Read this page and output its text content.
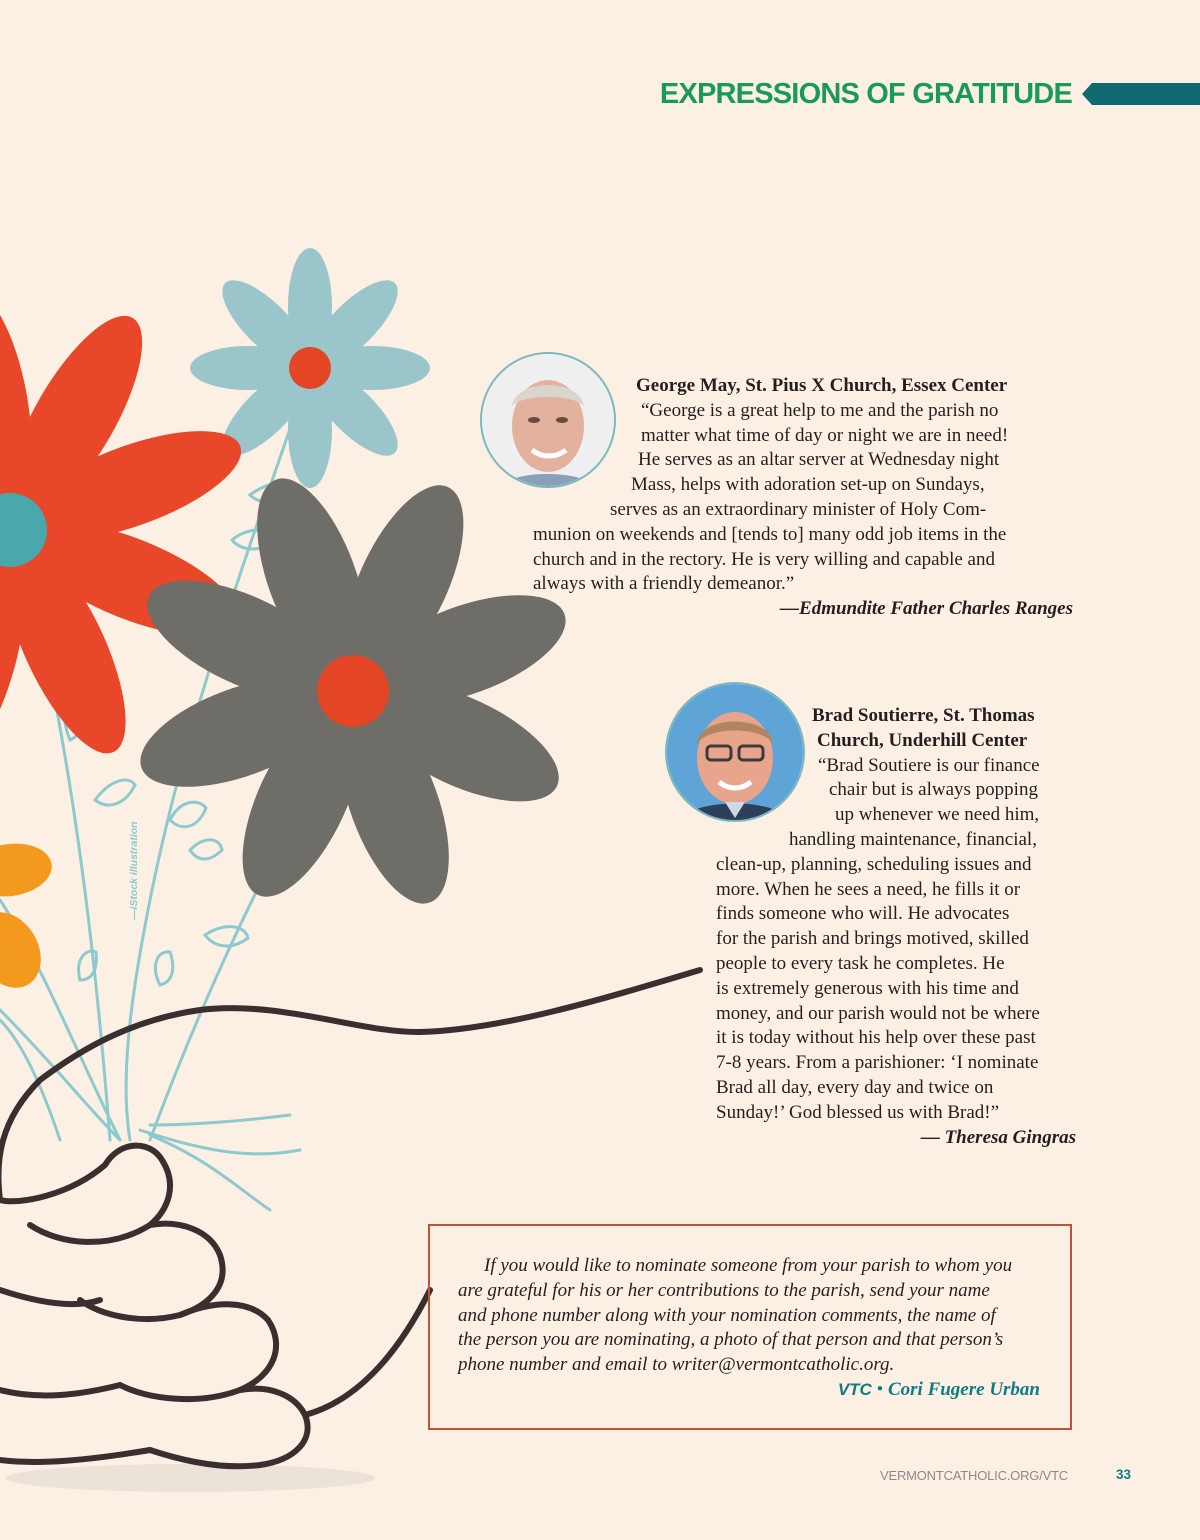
—iStock illustration
EXPRESSIONS OF GRATITUDE
George May, St. Pius X Church, Essex Center
“George is a great help to me and the parish no
matter what time of day or night we are in need!
He serves as an altar server at Wednesday night
Mass, helps with adoration set-up on Sundays,
serves as an extraordinary minister of Holy Com-
munion on weekends and [tends to] many odd job items in the
church and in the rectory. He is very willing and capable and
always with a friendly demeanor.”
—Edmundite Father Charles Ranges
Brad Soutierre, St. Thomas
Church, Underhill Center
“Brad Soutiere is our finance
chair but is always popping
up whenever we need him,
handling maintenance, financial,
clean-up, planning, scheduling issues and
more. When he sees a need, he fills it or
finds someone who will. He advocates
for the parish and brings motived, skilled
people to every task he completes. He
is extremely generous with his time and
money, and our parish would not be where
it is today without his help over these past
7-8 years. From a parishioner: ‘I nominate
Brad all day, every day and twice on
Sunday!’ God blessed us with Brad!”
— Theresa Gingras
If you would like to nominate someone from your parish to whom you
are grateful for his or her contributions to the parish, send your name
and phone number along with your nomination comments, the name of
the person you are nominating, a photo of that person and that person’s
phone number and email to writer@vermontcatholic.org.
VTC • Cori Fugere Urban
VERMONTCATHOLIC.ORG/VTC	33
